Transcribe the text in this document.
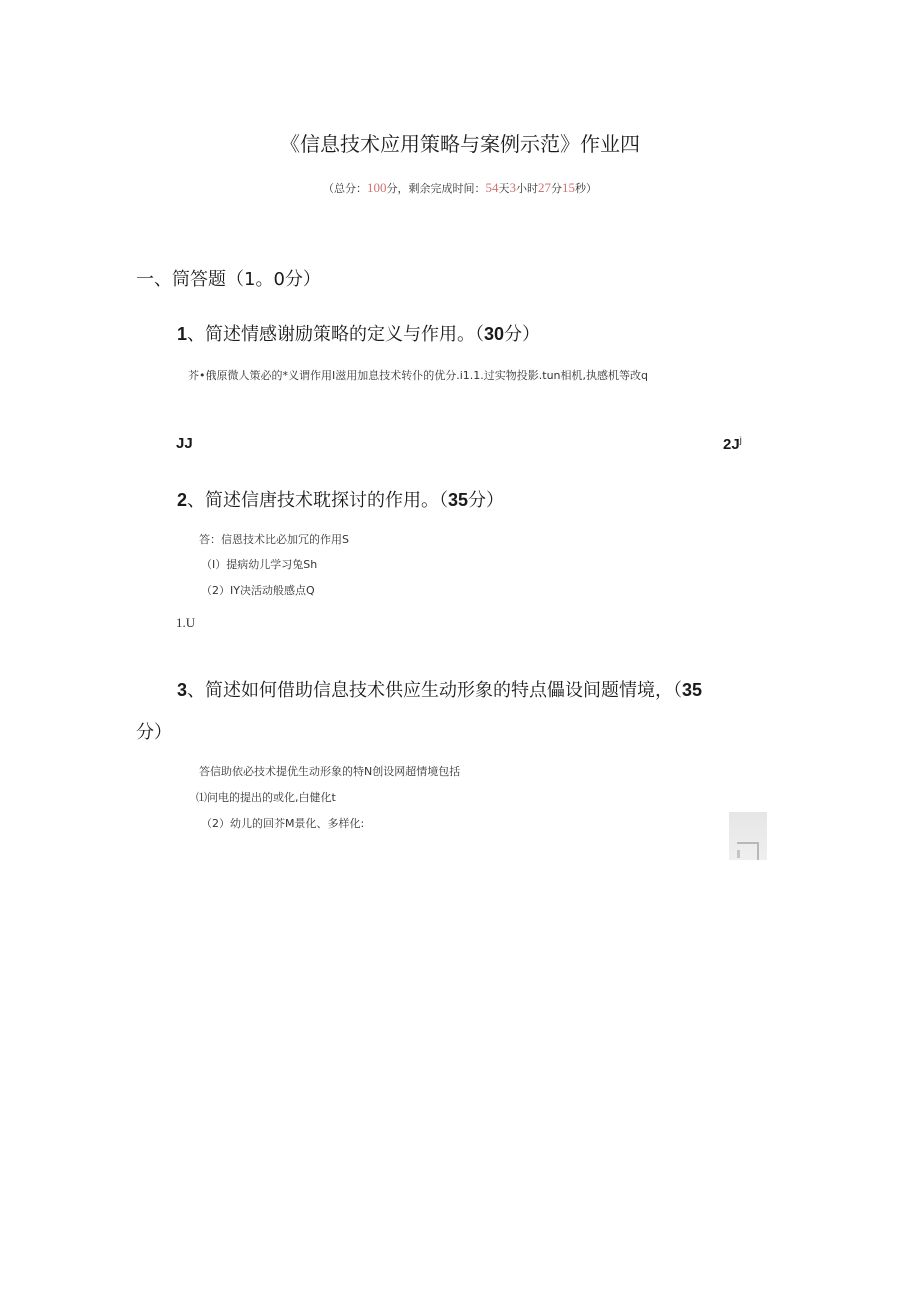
《信息技术应用策略与案例示范》作业四
（总分：100分，剩余完成时间：54天3小时27分15秒）
一、筒答题（1。0分）
1、简述情感谢励策略的定义与作用。（30分）
芥•俄原微人策必的*义谓作用I滋用加息技术转仆的优分.i1.1.过实物投影.tun相机,执感机等改q
JJ	$2J^j$
2、简述信唐技术耽探讨的作用。（35分）
答：信恩技术比必加冗的作用S
（I）提病幼儿学习兔Sh
（2）IY决活动般感点Q
1.U
3、简述如何借助信息技术供应生动形象的特点儡设间题情境，（35
分）
答信助依必技术提优生动形象的特N创设网超情境包括
⑴问电的提出的或化,白健化t
（2）幼儿的回芥M景化、多样化:
